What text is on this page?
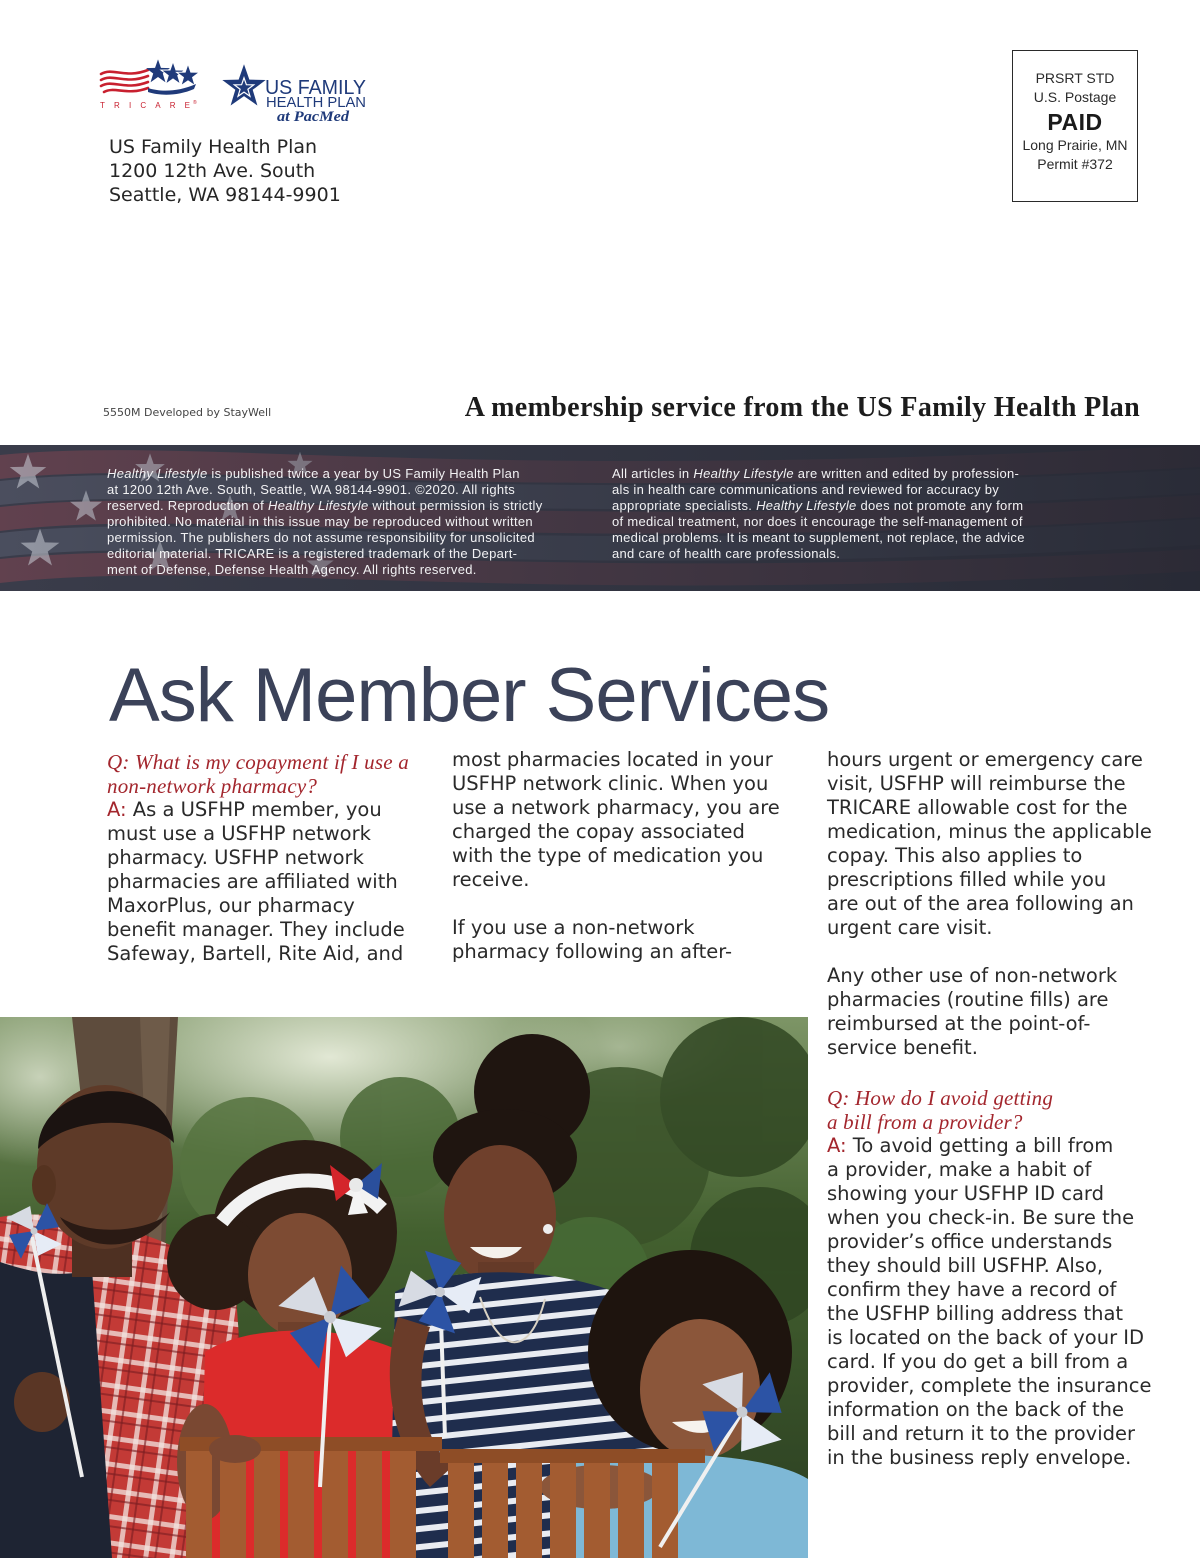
TRICARE ®
US FAMILY
HEALTH PLAN
at PacMed
US Family Health Plan
1200 12th Ave. South
Seattle, WA 98144-9901
PRSRT STD
U.S. Postage
PAID
Long Prairie, MN
Permit #372
5550M Developed by StayWell	A membership service from the US Family Health Plan
Healthy Lifestyle is published twice a year by US Family Health Plan
at 1200 12th Ave. South, Seattle, WA 98144-9901. ©2020. All rights
reserved. Reproduction of Healthy Lifestyle without permission is strictly
prohibited. No material in this issue may be reproduced without written
permission. The publishers do not assume responsibility for unsolicited
editorial material. TRICARE is a registered trademark of the Depart-
ment of Defense, Defense Health Agency. All rights reserved.
All articles in Healthy Lifestyle are written and edited by profession-
als in health care communications and reviewed for accuracy by
appropriate specialists. Healthy Lifestyle does not promote any form
of medical treatment, nor does it encourage the self-management of
medical problems. It is meant to supplement, not replace, the advice
and care of health care professionals.
Ask Member Services
Q: What is my copayment if I use a
non-network pharmacy?
A: As a USFHP member, you
must use a USFHP network
pharmacy. USFHP network
pharmacies are affiliated with
MaxorPlus, our pharmacy
benefit manager. They include
Safeway, Bartell, Rite Aid, and
most pharmacies located in your
USFHP network clinic. When you
use a network pharmacy, you are
charged the copay associated
with the type of medication you
receive.
If you use a non-network
pharmacy following an after-
hours urgent or emergency care
visit, USFHP will reimburse the
TRICARE allowable cost for the
medication, minus the applicable
copay. This also applies to
prescriptions filled while you
are out of the area following an
urgent care visit.
Any other use of non-network
pharmacies (routine fills) are
reimbursed at the point-of-
service benefit.
Q: How do I avoid getting
a bill from a provider?
A: To avoid getting a bill from
a provider, make a habit of
showing your USFHP ID card
when you check-in. Be sure the
provider’s office understands
they should bill USFHP. Also,
confirm they have a record of
the USFHP billing address that
is located on the back of your ID
card. If you do get a bill from a
provider, complete the insurance
information on the back of the
bill and return it to the provider
in the business reply envelope.
